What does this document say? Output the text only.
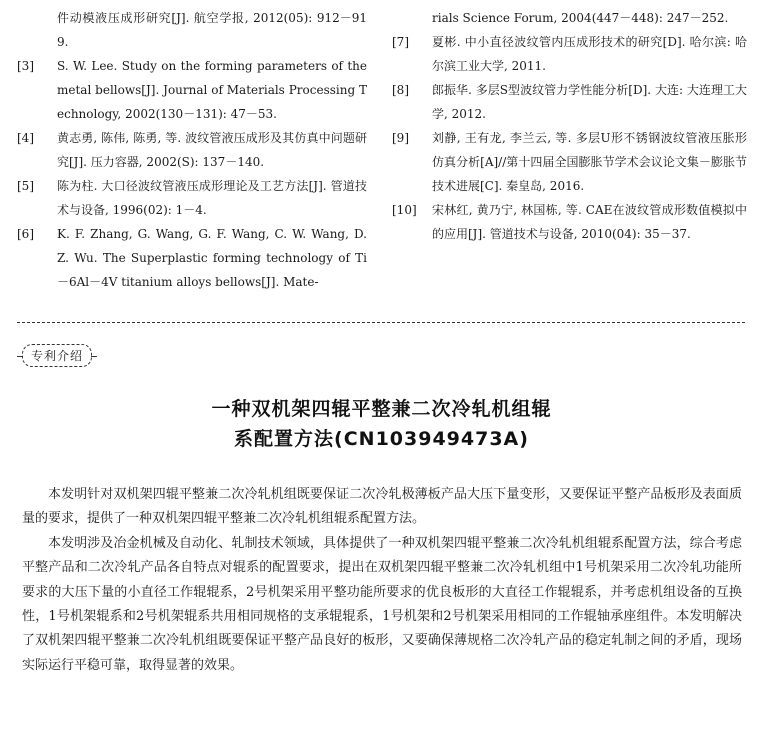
件动模液压成形研究[J]. 航空学报, 2012(05): 912－919.

[3]	S. W. Lee. Study on the forming parameters of the metal bellows[J]. Journal of Materials Processing Technology, 2002(130－131): 47－53.
[4]	黄志勇, 陈伟, 陈勇, 等. 波纹管液压成形及其仿真中问题研究[J]. 压力容器, 2002(S): 137－140.
[5]	陈为柱. 大口径波纹管液压成形理论及工艺方法[J]. 管道技术与设备, 1996(02): 1－4.
[6]	K. F. Zhang, G. Wang, G. F. Wang, C. W. Wang, D. Z. Wu. The Superplastic forming technology of Ti－6Al－4V titanium alloys bellows[J]. Mate-

rials Science Forum, 2004(447－448): 247－252.

[7]	夏彬. 中小直径波纹管内压成形技术的研究[D]. 哈尔滨: 哈尔滨工业大学, 2011.
[8]	郎振华. 多层S型波纹管力学性能分析[D]. 大连: 大连理工大学, 2012.
[9]	刘静, 王有龙, 李兰云, 等. 多层U形不锈钢波纹管液压胀形仿真分析[A]//第十四届全国膨胀节学术会议论文集－膨胀节技术进展[C]. 秦皇岛, 2016.
[10]	宋林红, 黄乃宁, 林国栋, 等. CAE在波纹管成形数值模拟中的应用[J]. 管道技术与设备, 2010(04): 35－37.
专利介绍
一种双机架四辊平整兼二次冷轧机组辊
系配置方法(CN103949473A)

本发明针对双机架四辊平整兼二次冷轧机组既要保证二次冷轧极薄板产品大压下量变形，又要保证平整产品板形及表面质量的要求，提供了一种双机架四辊平整兼二次冷轧机组辊系配置方法。

本发明涉及冶金机械及自动化、轧制技术领域，具体提供了一种双机架四辊平整兼二次冷轧机组辊系配置方法，综合考虑平整产品和二次冷轧产品各自特点对辊系的配置要求，提出在双机架四辊平整兼二次冷轧机组中1号机架采用二次冷轧功能所要求的大压下量的小直径工作辊辊系，2号机架采用平整功能所要求的优良板形的大直径工作辊辊系，并考虑机组设备的互换性，1号机架辊系和2号机架辊系共用相同规格的支承辊辊系，1号机架和2号机架采用相同的工作辊轴承座组件。本发明解决了双机架四辊平整兼二次冷轧机组既要保证平整产品良好的板形，又要确保薄规格二次冷轧产品的稳定轧制之间的矛盾，现场实际运行平稳可靠，取得显著的效果。
